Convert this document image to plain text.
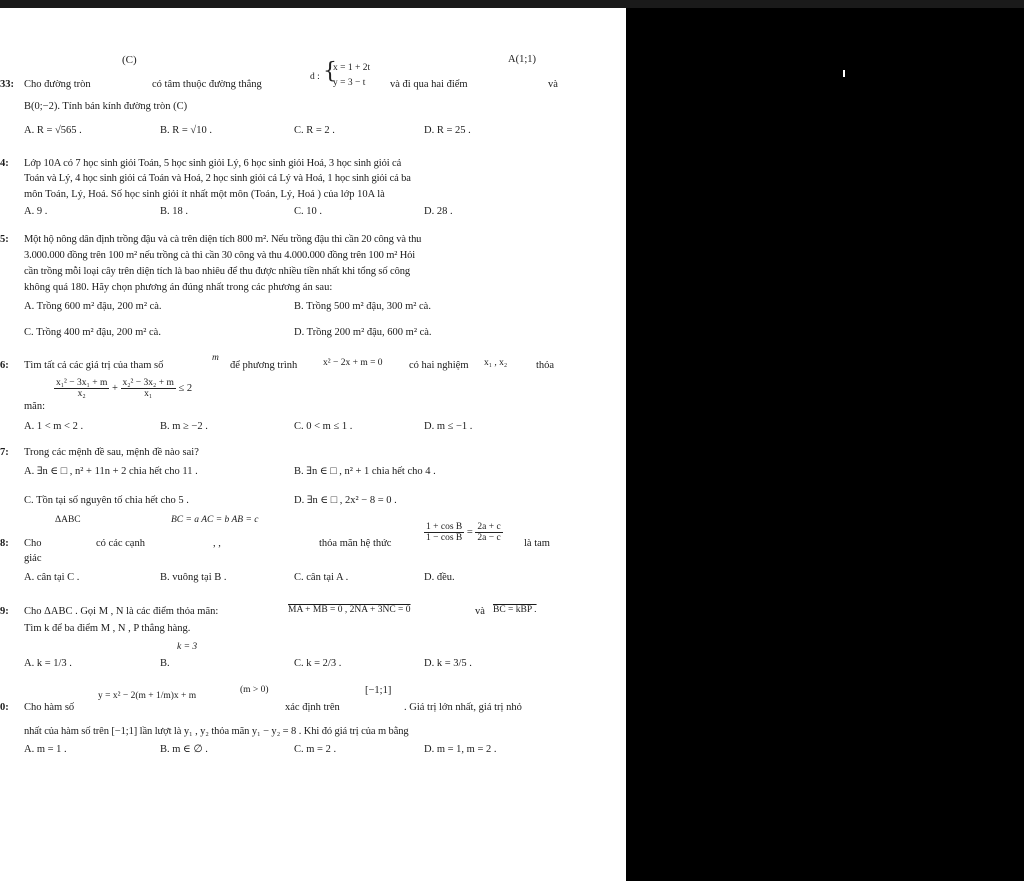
(C)	A(1;1)
33: Cho đường tròn	có tâm thuộc đường thẳng
d : {
x = 1 + 2t
y = 3 − t và đi qua hai điểm	và
B(0;−2). Tính bán kính đường tròn (C)
A. R = √565 .	B. R = √10 .	C. R = 2 .	D. R = 25 .
4: Lớp 10A có 7 học sinh giỏi Toán, 5 học sinh giỏi Lý, 6 học sinh giỏi Hoá, 3 học sinh giỏi cả
Toán và Lý, 4 học sinh giỏi cả Toán và Hoá, 2 học sinh giỏi cả Lý và Hoá, 1 học sinh giỏi cả ba
môn Toán, Lý, Hoá. Số học sinh giỏi ít nhất một môn (Toán, Lý, Hoá ) của lớp 10A là
A. 9 .	B. 18 .	C. 10 .	D. 28 .
5: Một hộ nông dân định trồng đậu và cà trên diện tích 800 m². Nếu trồng đậu thì cần 20 công và thu
3.000.000 đồng trên 100 m² nếu trồng cà thì cần 30 công và thu 4.000.000 đồng trên 100 m² Hỏi
cần trồng mỗi loại cây trên diện tích là bao nhiêu để thu được nhiều tiền nhất khi tổng số công
không quá 180. Hãy chọn phương án đúng nhất trong các phương án sau:
A. Trồng 600 m² đậu, 200 m² cà.	B. Trồng 500 m² đậu, 300 m² cà.
C. Trồng 400 m² đậu, 200 m² cà.	D. Trồng 200 m² đậu, 600 m² cà.
6: Tìm tất cả các giá trị của tham số
m
để phương trình	x² − 2x + m = 0	có hai nghiệm x₁ , x₂	thỏa
mãn:
$\frac{\text{x₁² − 3x₁ + m}}{\text{x₂}} + \frac{\text{x₂² − 3x₂ + m}}{\text{x₁}} \le 2$
A. 1 < m < 2 .	B. m ≥ −2 .	C. 0 < m ≤ 1 .	D. m ≤ −1 .
7: Trong các mệnh đề sau, mệnh đề nào sai?
A. ∃n ∈ □ , n² + 11n + 2 chia hết cho 11 .	B. ∃n ∈ □ , n² + 1 chia hết cho 4 .
C. Tồn tại số nguyên tố chia hết cho 5 .	D. ∃n ∈ □ , 2x² − 8 = 0 .
ΔABC	BC = a AC = b AB = c
8: Cho	có các cạnh	, ,	thỏa mãn hệ thức
$\frac{\text{1 + cos B}}{\text{1 − cos B}} = \frac{2a + c}{2a - c}$
là tam
giác
A. cân tại C .	B. vuông tại B .	C. cân tại A .	D. đều.
9: Cho ΔABC . Gọi M , N là các điểm thỏa mãn:	MA + MB = 0 , 2NA + 3NC = 0	và BC = kBP .
Tìm k để ba điểm M , N , P thẳng hàng.
k = 3
A. k = 1/3 .	B.	C. k = 2/3 .	D. k = 3/5 .
[−1;1]
0: Cho hàm số
y = x² − 2(m + 1/m)x + m
(m > 0)
xác định trên	. Giá trị lớn nhất, giá trị nhỏ
nhất của hàm số trên [−1;1] lần lượt là y₁ , y₂ thỏa mãn y₁ − y₂ = 8 . Khi đó giá trị của m bằng
A. m = 1 .	B. m ∈ ∅ .	C. m = 2 .	D. m = 1, m = 2 .
